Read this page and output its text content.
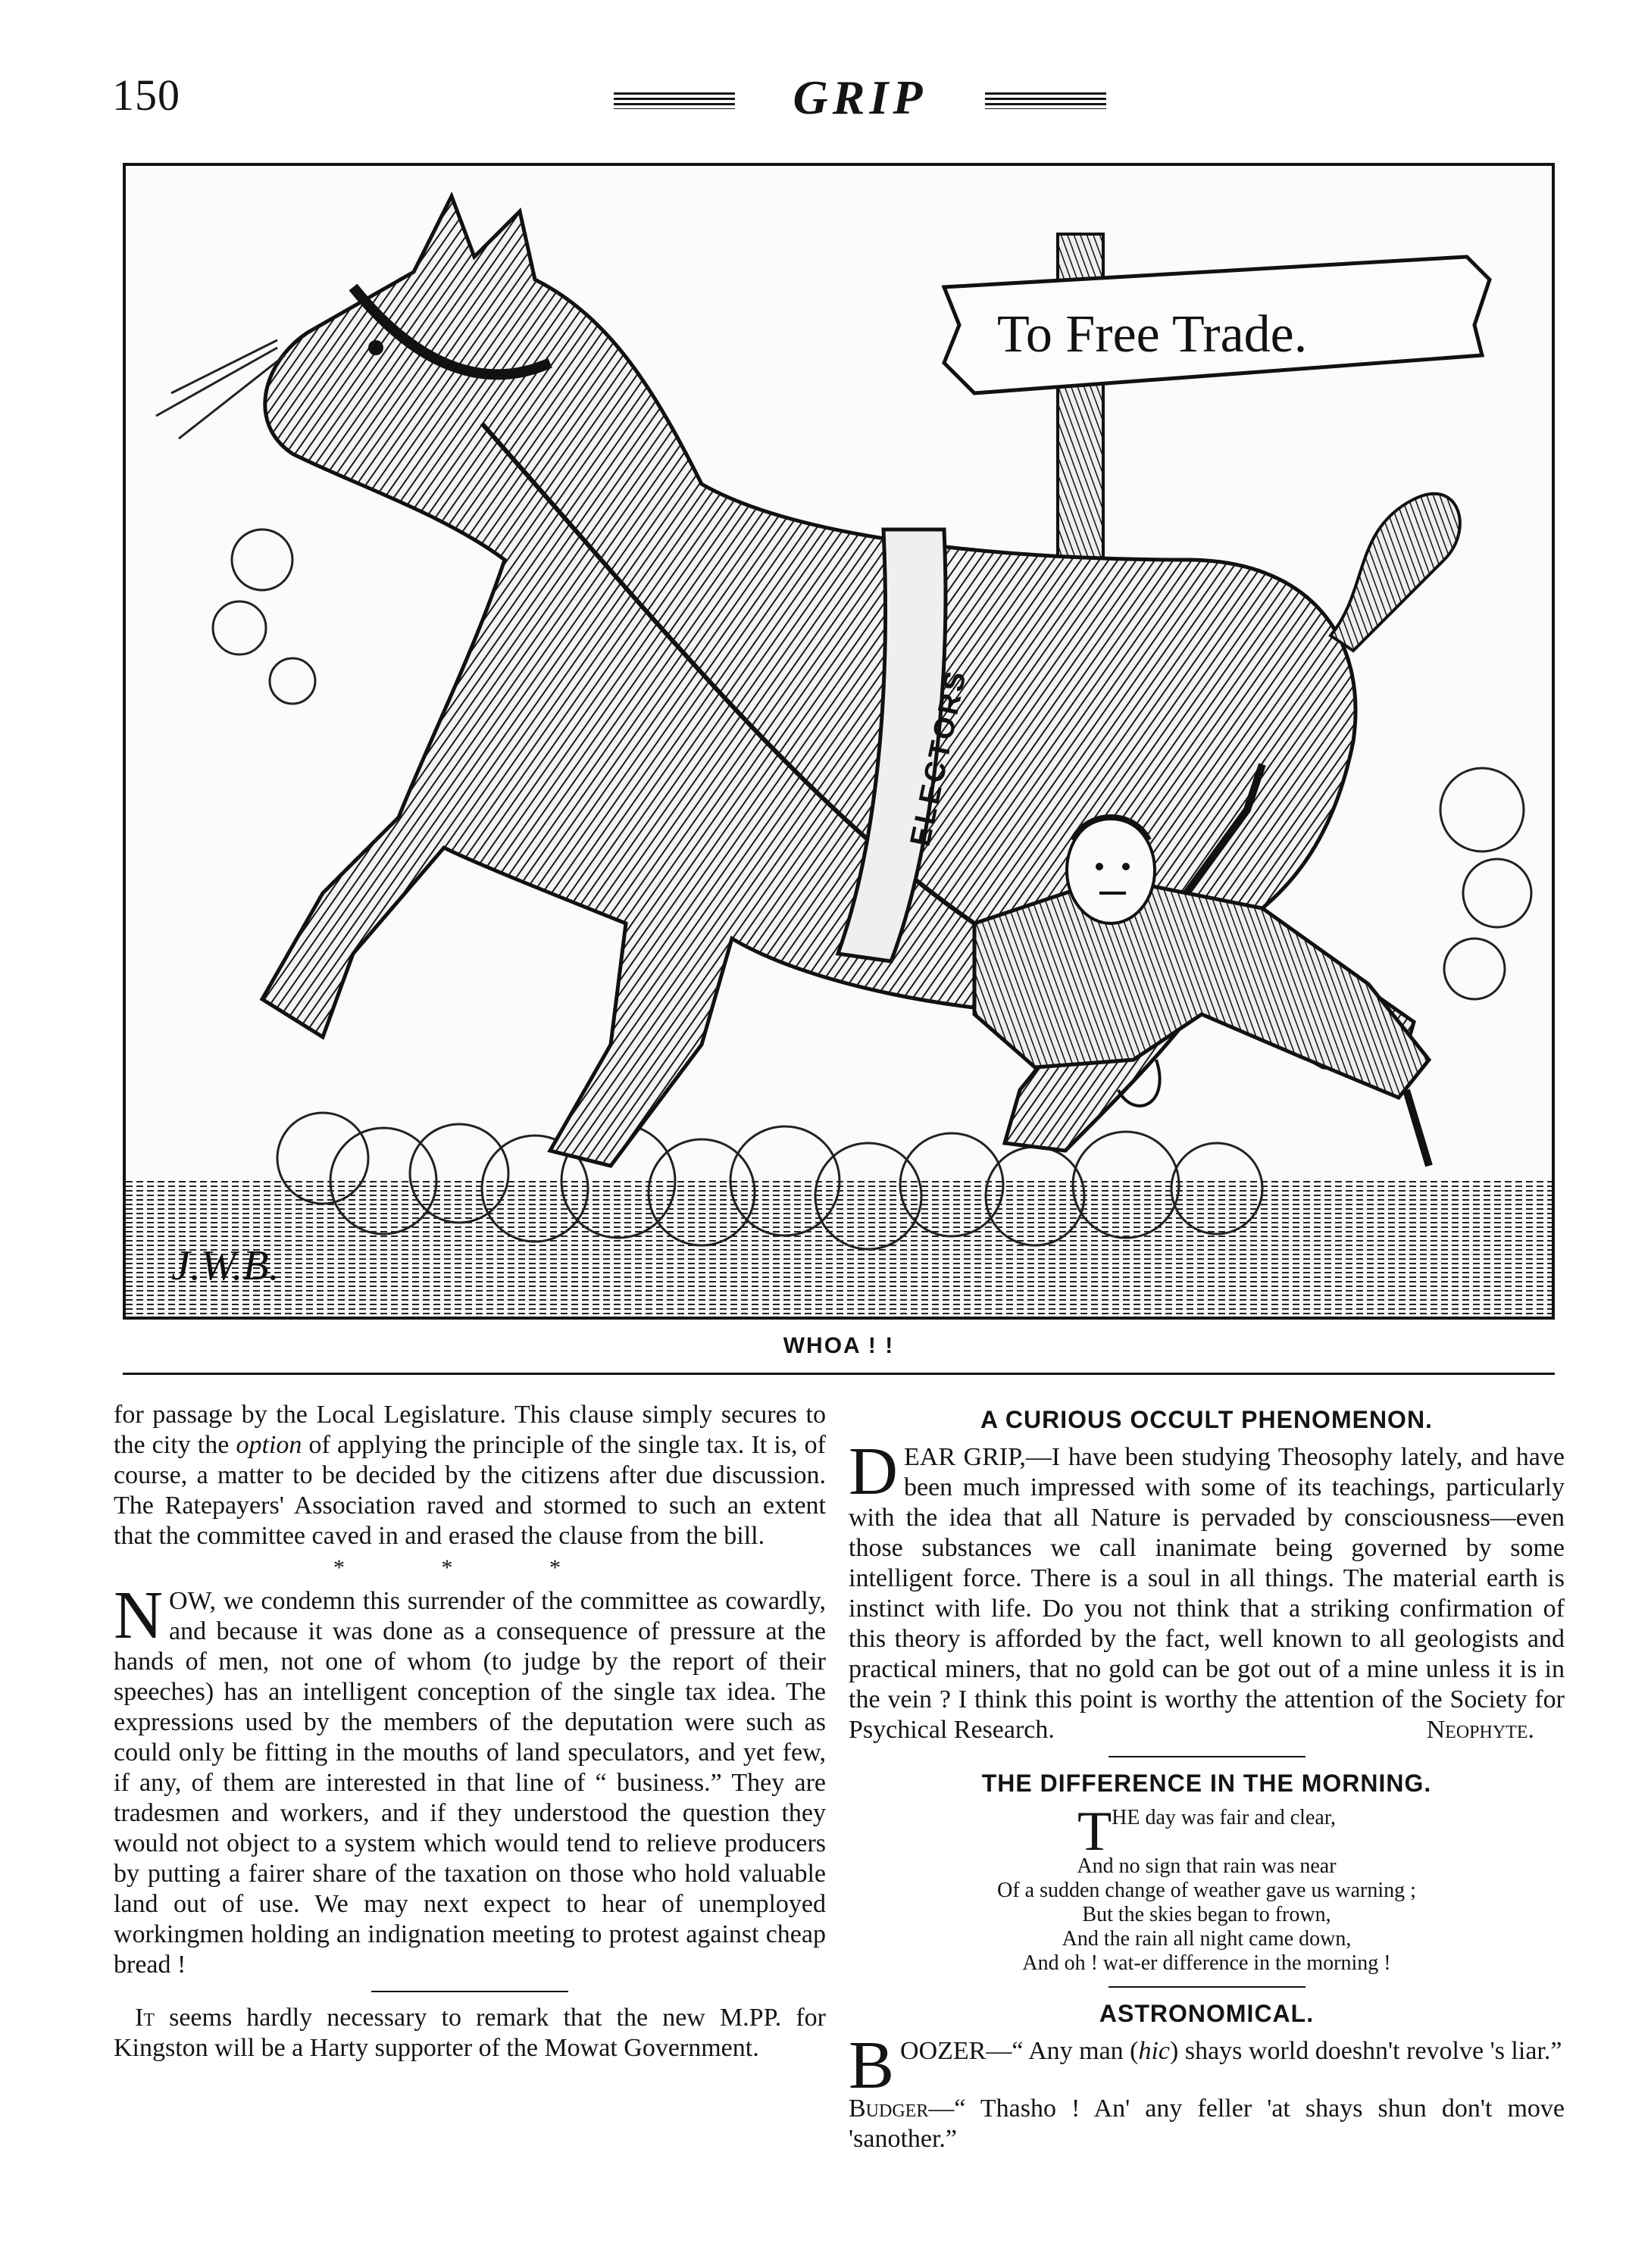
150	GRIP
To Free Trade.
ELECTORS
J.W.B.
WHOA ! !

for passage by the Local Legislature. This clause simply secures to the city the option of applying the principle of the single tax. It is, of course, a matter to be decided by the citizens after due discussion. The Ratepayers' Association raved and stormed to such an extent that the committee caved in and erased the clause from the bill.

* * *

NOW, we condemn this surrender of the committee as cowardly, and because it was done as a consequence of pressure at the hands of men, not one of whom (to judge by the report of their speeches) has an intelligent conception of the single tax idea. The expressions used by the members of the deputation were such as could only be fitting in the mouths of land speculators, and yet few, if any, of them are interested in that line of “ business.” They are tradesmen and workers, and if they understood the question they would not object to a system which would tend to relieve producers by putting a fairer share of the taxation on those who hold valuable land out of use. We may next expect to hear of unemployed workingmen holding an indignation meeting to protest against cheap bread !

It seems hardly necessary to remark that the new M.PP. for Kingston will be a Harty supporter of the Mowat Government.

A CURIOUS OCCULT PHENOMENON.

DEAR GRIP,—I have been studying Theosophy lately, and have been much impressed with some of its teachings, particularly with the idea that all Nature is pervaded by consciousness—even those substances we call inanimate being governed by some intelligent force. There is a soul in all things. The material earth is instinct with life. Do you not think that a striking confirmation of this theory is afforded by the fact, well known to all geologists and practical miners, that no gold can be got out of a mine unless it is in the vein ? I think this point is worthy the attention of the Society for Psychical Research.	Neophyte.

THE DIFFERENCE IN THE MORNING.
THE day was fair and clear,
And no sign that rain was near
Of a sudden change of weather gave us warning ;
But the skies began to frown,
And the rain all night came down,
And oh ! wat-er difference in the morning !
ASTRONOMICAL.

BOOZER—“ Any man (hic) shays world doeshn't revolve 's liar.”

Budger—“ Thasho ! An' any feller 'at shays shun don't move 'sanother.”
